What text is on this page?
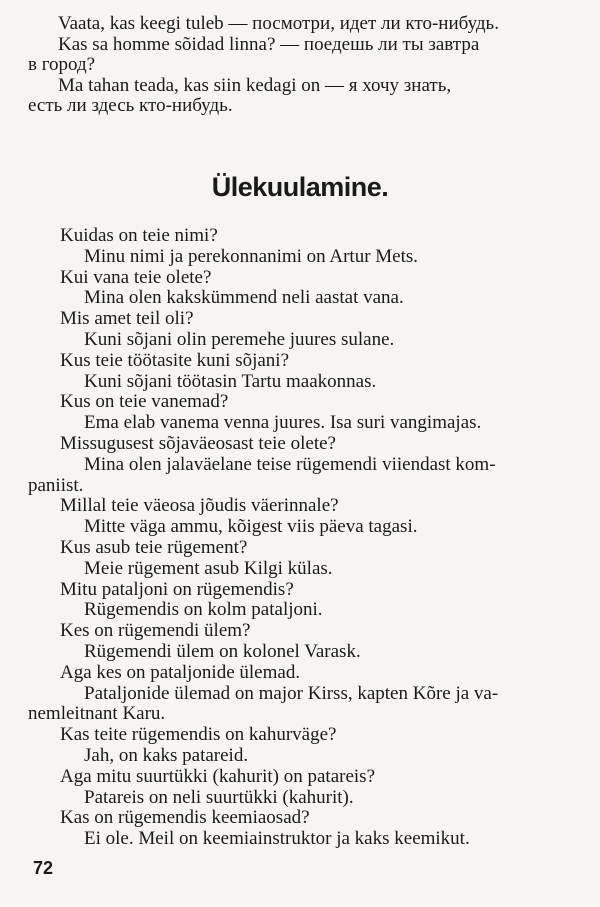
Vaata, kas keegi tuleb — посмотри, идет ли кто-нибудь.

Kas sa homme sõidad linna? — поедешь ли ты завтра

в город?

Ma tahan teada, kas siin kedagi on — я хочу знать,

есть ли здесь кто-нибудь.

Ülekuulamine.

Kuidas on teie nimi?

Minu nimi ja perekonnanimi on Artur Mets.

Kui vana teie olete?

Mina olen kakskümmend neli aastat vana.

Mis amet teil oli?

Kuni sõjani olin peremehe juures sulane.

Kus teie töötasite kuni sõjani?

Kuni sõjani töötasin Tartu maakonnas.

Kus on teie vanemad?

Ema elab vanema venna juures. Isa suri vangimajas.

Missugusest sõjaväeosast teie olete?

Mina olen jalaväelane teise rügemendi viiendast kom-

paniist.

Millal teie väeosa jõudis väerinnale?

Mitte väga ammu, kõigest viis päeva tagasi.

Kus asub teie rügement?

Meie rügement asub Kilgi külas.

Mitu pataljoni on rügemendis?

Rügemendis on kolm pataljoni.

Kes on rügemendi ülem?

Rügemendi ülem on kolonel Varask.

Aga kes on pataljonide ülemad.

Pataljonide ülemad on major Kirss, kapten Kõre ja va-

nemleitnant Karu.

Kas teite rügemendis on kahurväge?

Jah, on kaks patareid.

Aga mitu suurtükki (kahurit) on patareis?

Patareis on neli suurtükki (kahurit).

Kas on rügemendis keemiaosad?

Ei ole. Meil on keemiainstruktor ja kaks keemikut.

72
